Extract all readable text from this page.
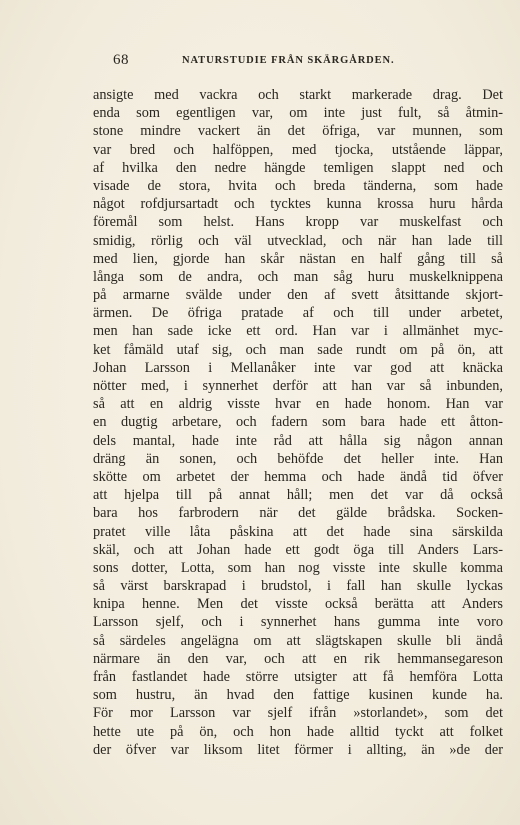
68	NATURSTUDIE FRÅN SKÄRGÅRDEN.
ansigte med vackra och starkt markerade drag. Det
enda som egentligen var, om inte just fult, så åtmin-
stone mindre vackert än det öfriga, var munnen, som
var bred och halföppen, med tjocka, utstående läppar,
af hvilka den nedre hängde temligen slappt ned och
visade de stora, hvita och breda tänderna, som hade
något rofdjursartadt och tycktes kunna krossa huru hårda
föremål som helst. Hans kropp var muskelfast och
smidig, rörlig och väl utvecklad, och när han lade till
med lien, gjorde han skår nästan en half gång till så
långa som de andra, och man såg huru muskelknippena
på armarne svälde under den af svett åtsittande skjort-
ärmen. De öfriga pratade af och till under arbetet,
men han sade icke ett ord. Han var i allmänhet myc-
ket fåmäld utaf sig, och man sade rundt om på ön, att
Johan Larsson i Mellanåker inte var god att knäcka
nötter med, i synnerhet derför att han var så inbunden,
så att en aldrig visste hvar en hade honom. Han var
en dugtig arbetare, och fadern som bara hade ett åtton-
dels mantal, hade inte råd att hålla sig någon annan
dräng än sonen, och behöfde det heller inte. Han
skötte om arbetet der hemma och hade ändå tid öfver
att hjelpa till på annat håll; men det var då också
bara hos farbrodern när det gälde brådska. Socken-
pratet ville låta påskina att det hade sina särskilda
skäl, och att Johan hade ett godt öga till Anders Lars-
sons dotter, Lotta, som han nog visste inte skulle komma
så värst barskrapad i brudstol, i fall han skulle lyckas
knipa henne. Men det visste också berätta att Anders
Larsson sjelf, och i synnerhet hans gumma inte voro
så särdeles angelägna om att slägtskapen skulle bli ändå
närmare än den var, och att en rik hemmansegareson
från fastlandet hade större utsigter att få hemföra Lotta
som hustru, än hvad den fattige kusinen kunde ha.
För mor Larsson var sjelf ifrån »storlandet», som det
hette ute på ön, och hon hade alltid tyckt att folket
der öfver var liksom litet förmer i allting, än »de der
